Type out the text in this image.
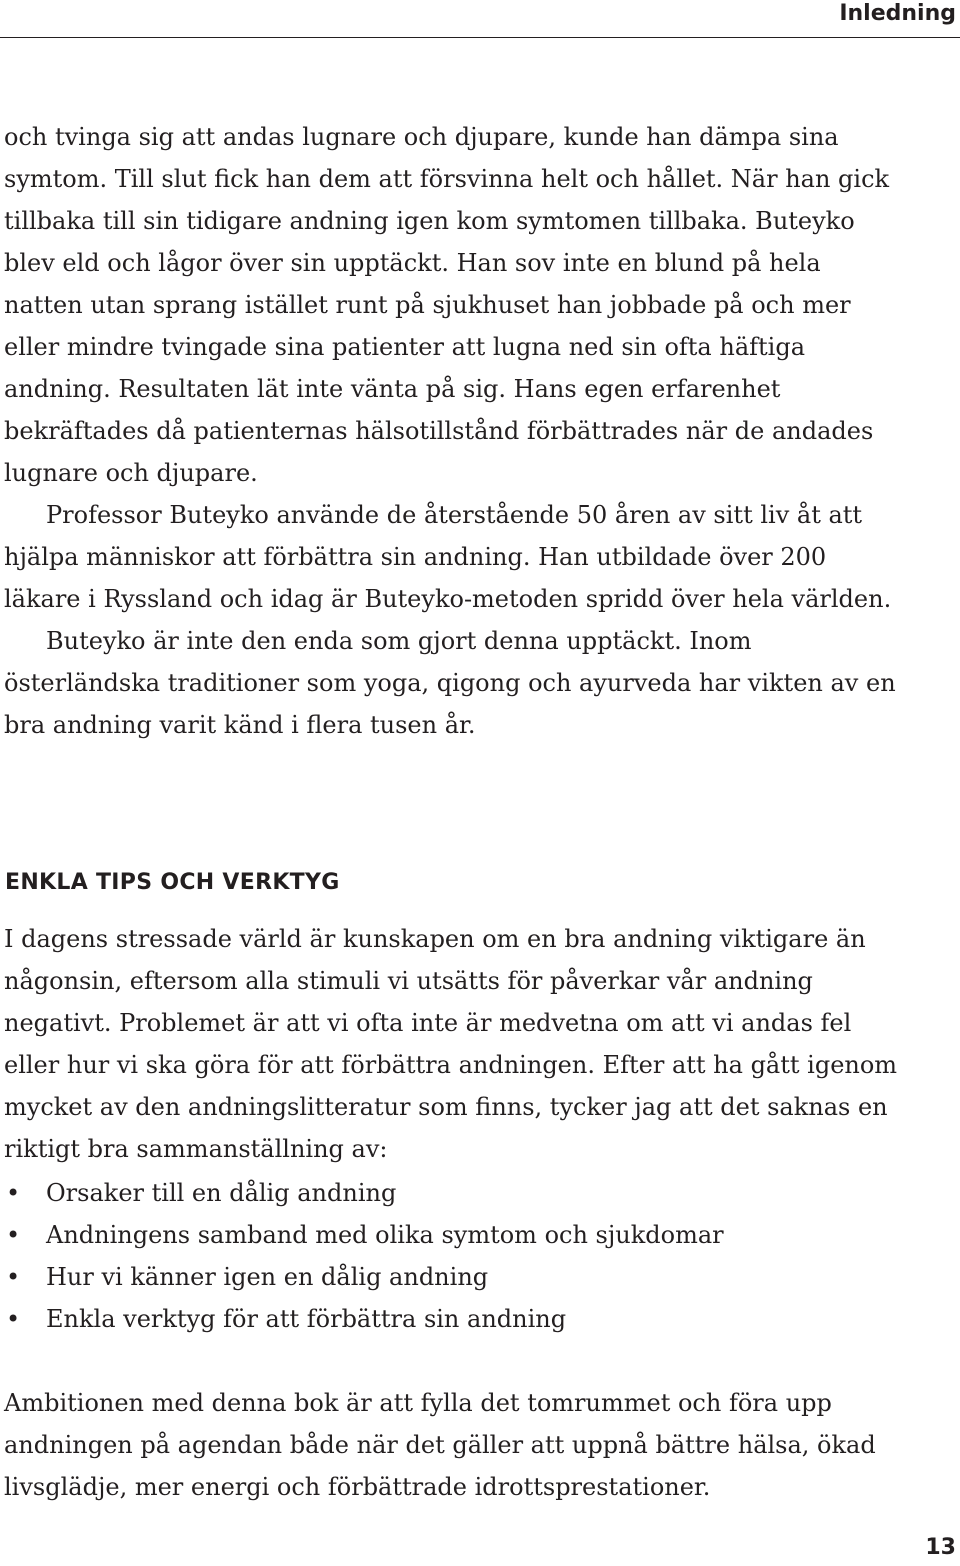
Inledning

och tvinga sig att andas lugnare och djupare, kunde han dämpa sina symtom. Till slut fick han dem att försvinna helt och hållet. När han gick tillbaka till sin tidigare andning igen kom symtomen tillbaka. Buteyko blev eld och lågor över sin upptäckt. Han sov inte en blund på hela natten utan sprang istället runt på sjukhuset han jobbade på och mer eller mindre tvingade sina patienter att lugna ned sin ofta häftiga andning. Resultaten lät inte vänta på sig. Hans egen erfarenhet bekräftades då patienternas hälsotillstånd förbättrades när de andades lugnare och djupare.

Professor Buteyko använde de återstående 50 åren av sitt liv åt att hjälpa människor att förbättra sin andning. Han utbildade över 200 läkare i Ryssland och idag är Buteyko-metoden spridd över hela världen.

Buteyko är inte den enda som gjort denna upptäckt. Inom österländska traditioner som yoga, qigong och ayurveda har vikten av en bra andning varit känd i flera tusen år.

ENKLA TIPS OCH VERKTYG

I dagens stressade värld är kunskapen om en bra andning viktigare än någonsin, eftersom alla stimuli vi utsätts för påverkar vår andning negativt. Problemet är att vi ofta inte är medvetna om att vi andas fel eller hur vi ska göra för att förbättra andningen. Efter att ha gått igenom mycket av den andningslitteratur som finns, tycker jag att det saknas en riktigt bra sammanställning av:

• Orsaker till en dålig andning
• Andningens samband med olika symtom och sjukdomar
• Hur vi känner igen en dålig andning
• Enkla verktyg för att förbättra sin andning

Ambitionen med denna bok är att fylla det tomrummet och föra upp andningen på agendan både när det gäller att uppnå bättre hälsa, ökad livsglädje, mer energi och förbättrade idrottsprestationer.

13
